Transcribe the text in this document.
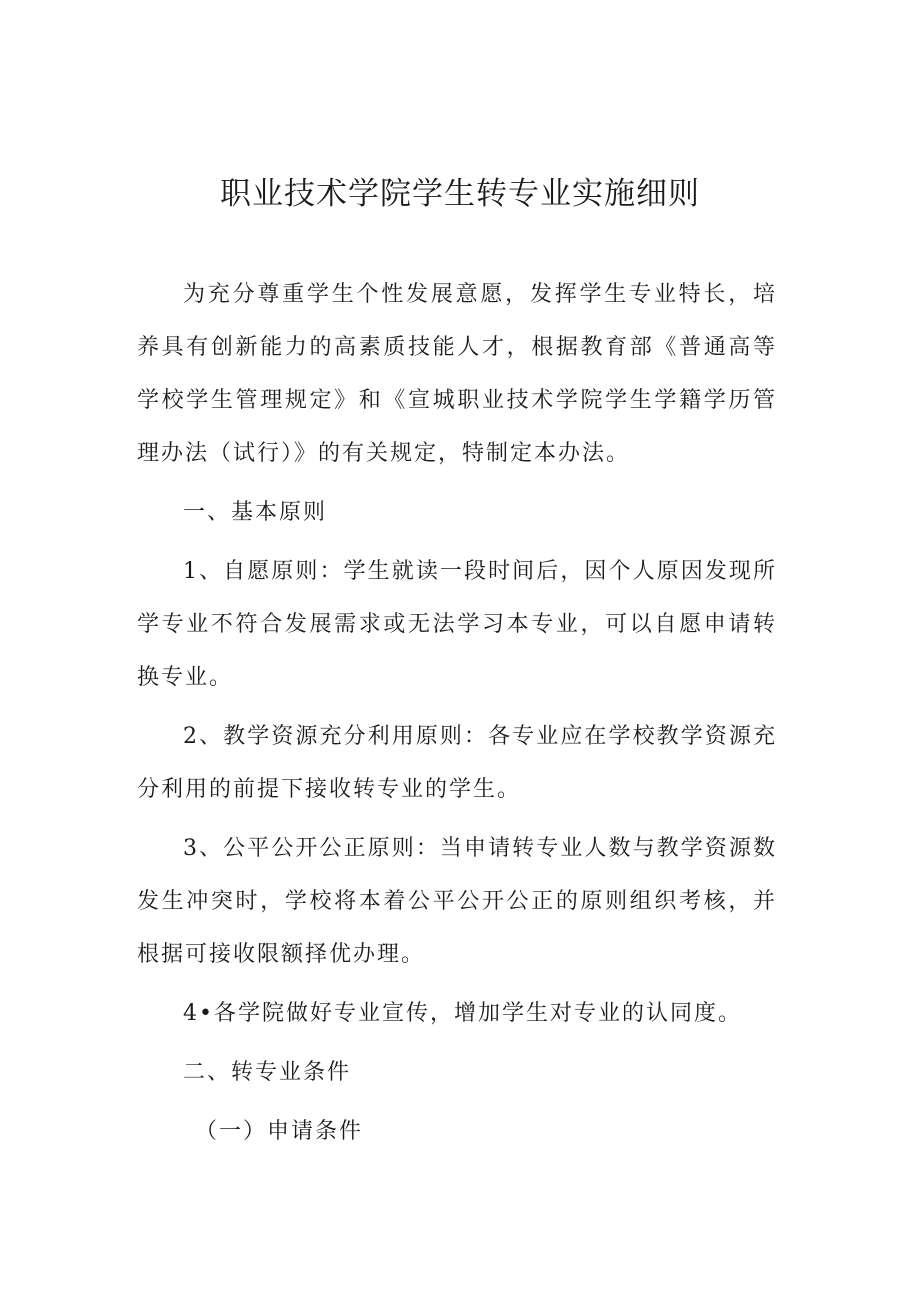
职业技术学院学生转专业实施细则

为充分尊重学生个性发展意愿，发挥学生专业特长，培养具有创新能力的高素质技能人才，根据教育部《普通高等学校学生管理规定》和《宣城职业技术学院学生学籍学历管理办法（试行）》的有关规定，特制定本办法。

一、基本原则

1、自愿原则：学生就读一段时间后，因个人原因发现所学专业不符合发展需求或无法学习本专业，可以自愿申请转换专业。

2、教学资源充分利用原则：各专业应在学校教学资源充分利用的前提下接收转专业的学生。

3、公平公开公正原则：当申请转专业人数与教学资源数发生冲突时，学校将本着公平公开公正的原则组织考核，并根据可接收限额择优办理。

4•各学院做好专业宣传，增加学生对专业的认同度。

二、转专业条件

（一）申请条件
